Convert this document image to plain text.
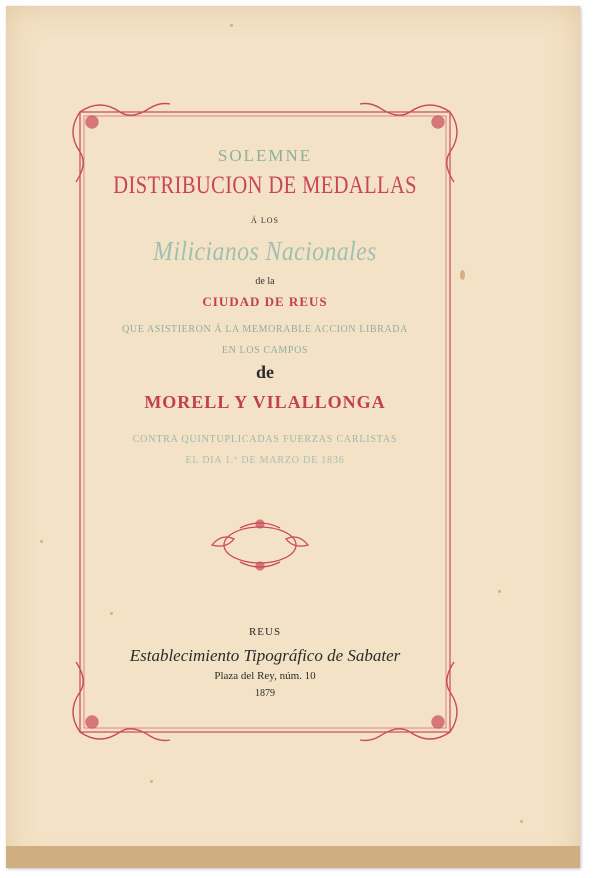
SOLEMNE
DISTRIBUCION DE MEDALLAS
Á LOS
Milicianos Nacionales
de la
CIUDAD DE REUS
QUE ASISTIERON Á LA MEMORABLE ACCION LIBRADA
EN LOS CAMPOS
de
MORELL Y VILALLONGA
CONTRA QUINTUPLICADAS FUERZAS CARLISTAS
EL DIA 1.º DE MARZO DE 1836
REUS
Establecimiento Tipográfico de Sabater
Plaza del Rey, núm. 10
1879
